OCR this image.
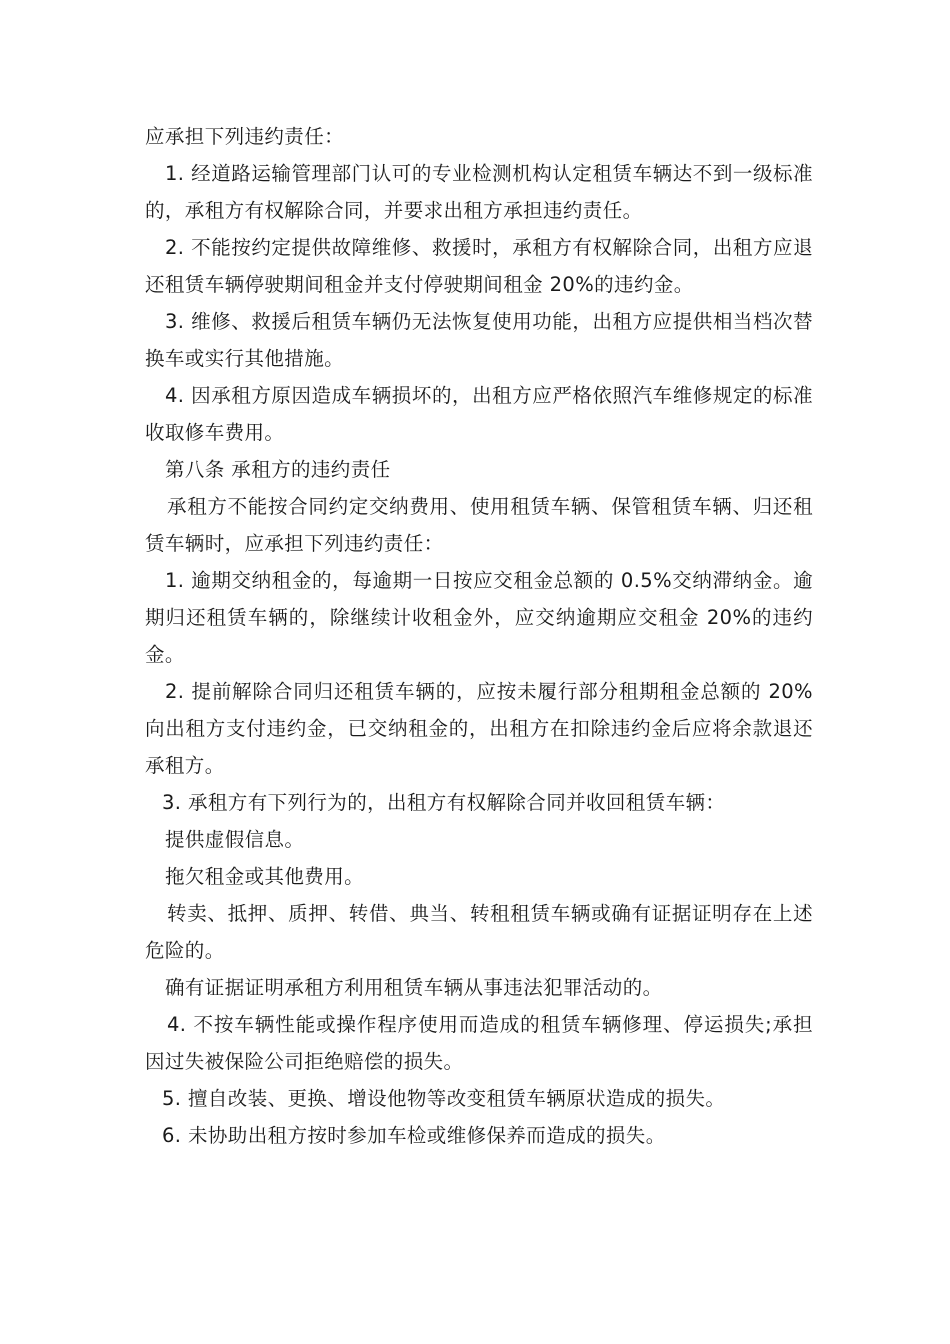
应承担下列违约责任：

1. 经道路运输管理部门认可的专业检测机构认定租赁车辆达不到一级标准的，承租方有权解除合同，并要求出租方承担违约责任。

2. 不能按约定提供故障维修、救援时，承租方有权解除合同，出租方应退还租赁车辆停驶期间租金并支付停驶期间租金 20%的违约金。

3. 维修、救援后租赁车辆仍无法恢复使用功能，出租方应提供相当档次替换车或实行其他措施。

4. 因承租方原因造成车辆损坏的，出租方应严格依照汽车维修规定的标准收取修车费用。

第八条 承租方的违约责任

承租方不能按合同约定交纳费用、使用租赁车辆、保管租赁车辆、归还租赁车辆时，应承担下列违约责任：

1. 逾期交纳租金的，每逾期一日按应交租金总额的 0.5%交纳滞纳金。逾期归还租赁车辆的，除继续计收租金外，应交纳逾期应交租金 20%的违约金。

2. 提前解除合同归还租赁车辆的，应按未履行部分租期租金总额的 20%向出租方支付违约金，已交纳租金的，出租方在扣除违约金后应将余款退还承租方。

3. 承租方有下列行为的，出租方有权解除合同并收回租赁车辆：

提供虚假信息。

拖欠租金或其他费用。

转卖、抵押、质押、转借、典当、转租租赁车辆或确有证据证明存在上述危险的。

确有证据证明承租方利用租赁车辆从事违法犯罪活动的。

4. 不按车辆性能或操作程序使用而造成的租赁车辆修理、停运损失;承担因过失被保险公司拒绝赔偿的损失。

5. 擅自改装、更换、增设他物等改变租赁车辆原状造成的损失。

6. 未协助出租方按时参加车检或维修保养而造成的损失。
